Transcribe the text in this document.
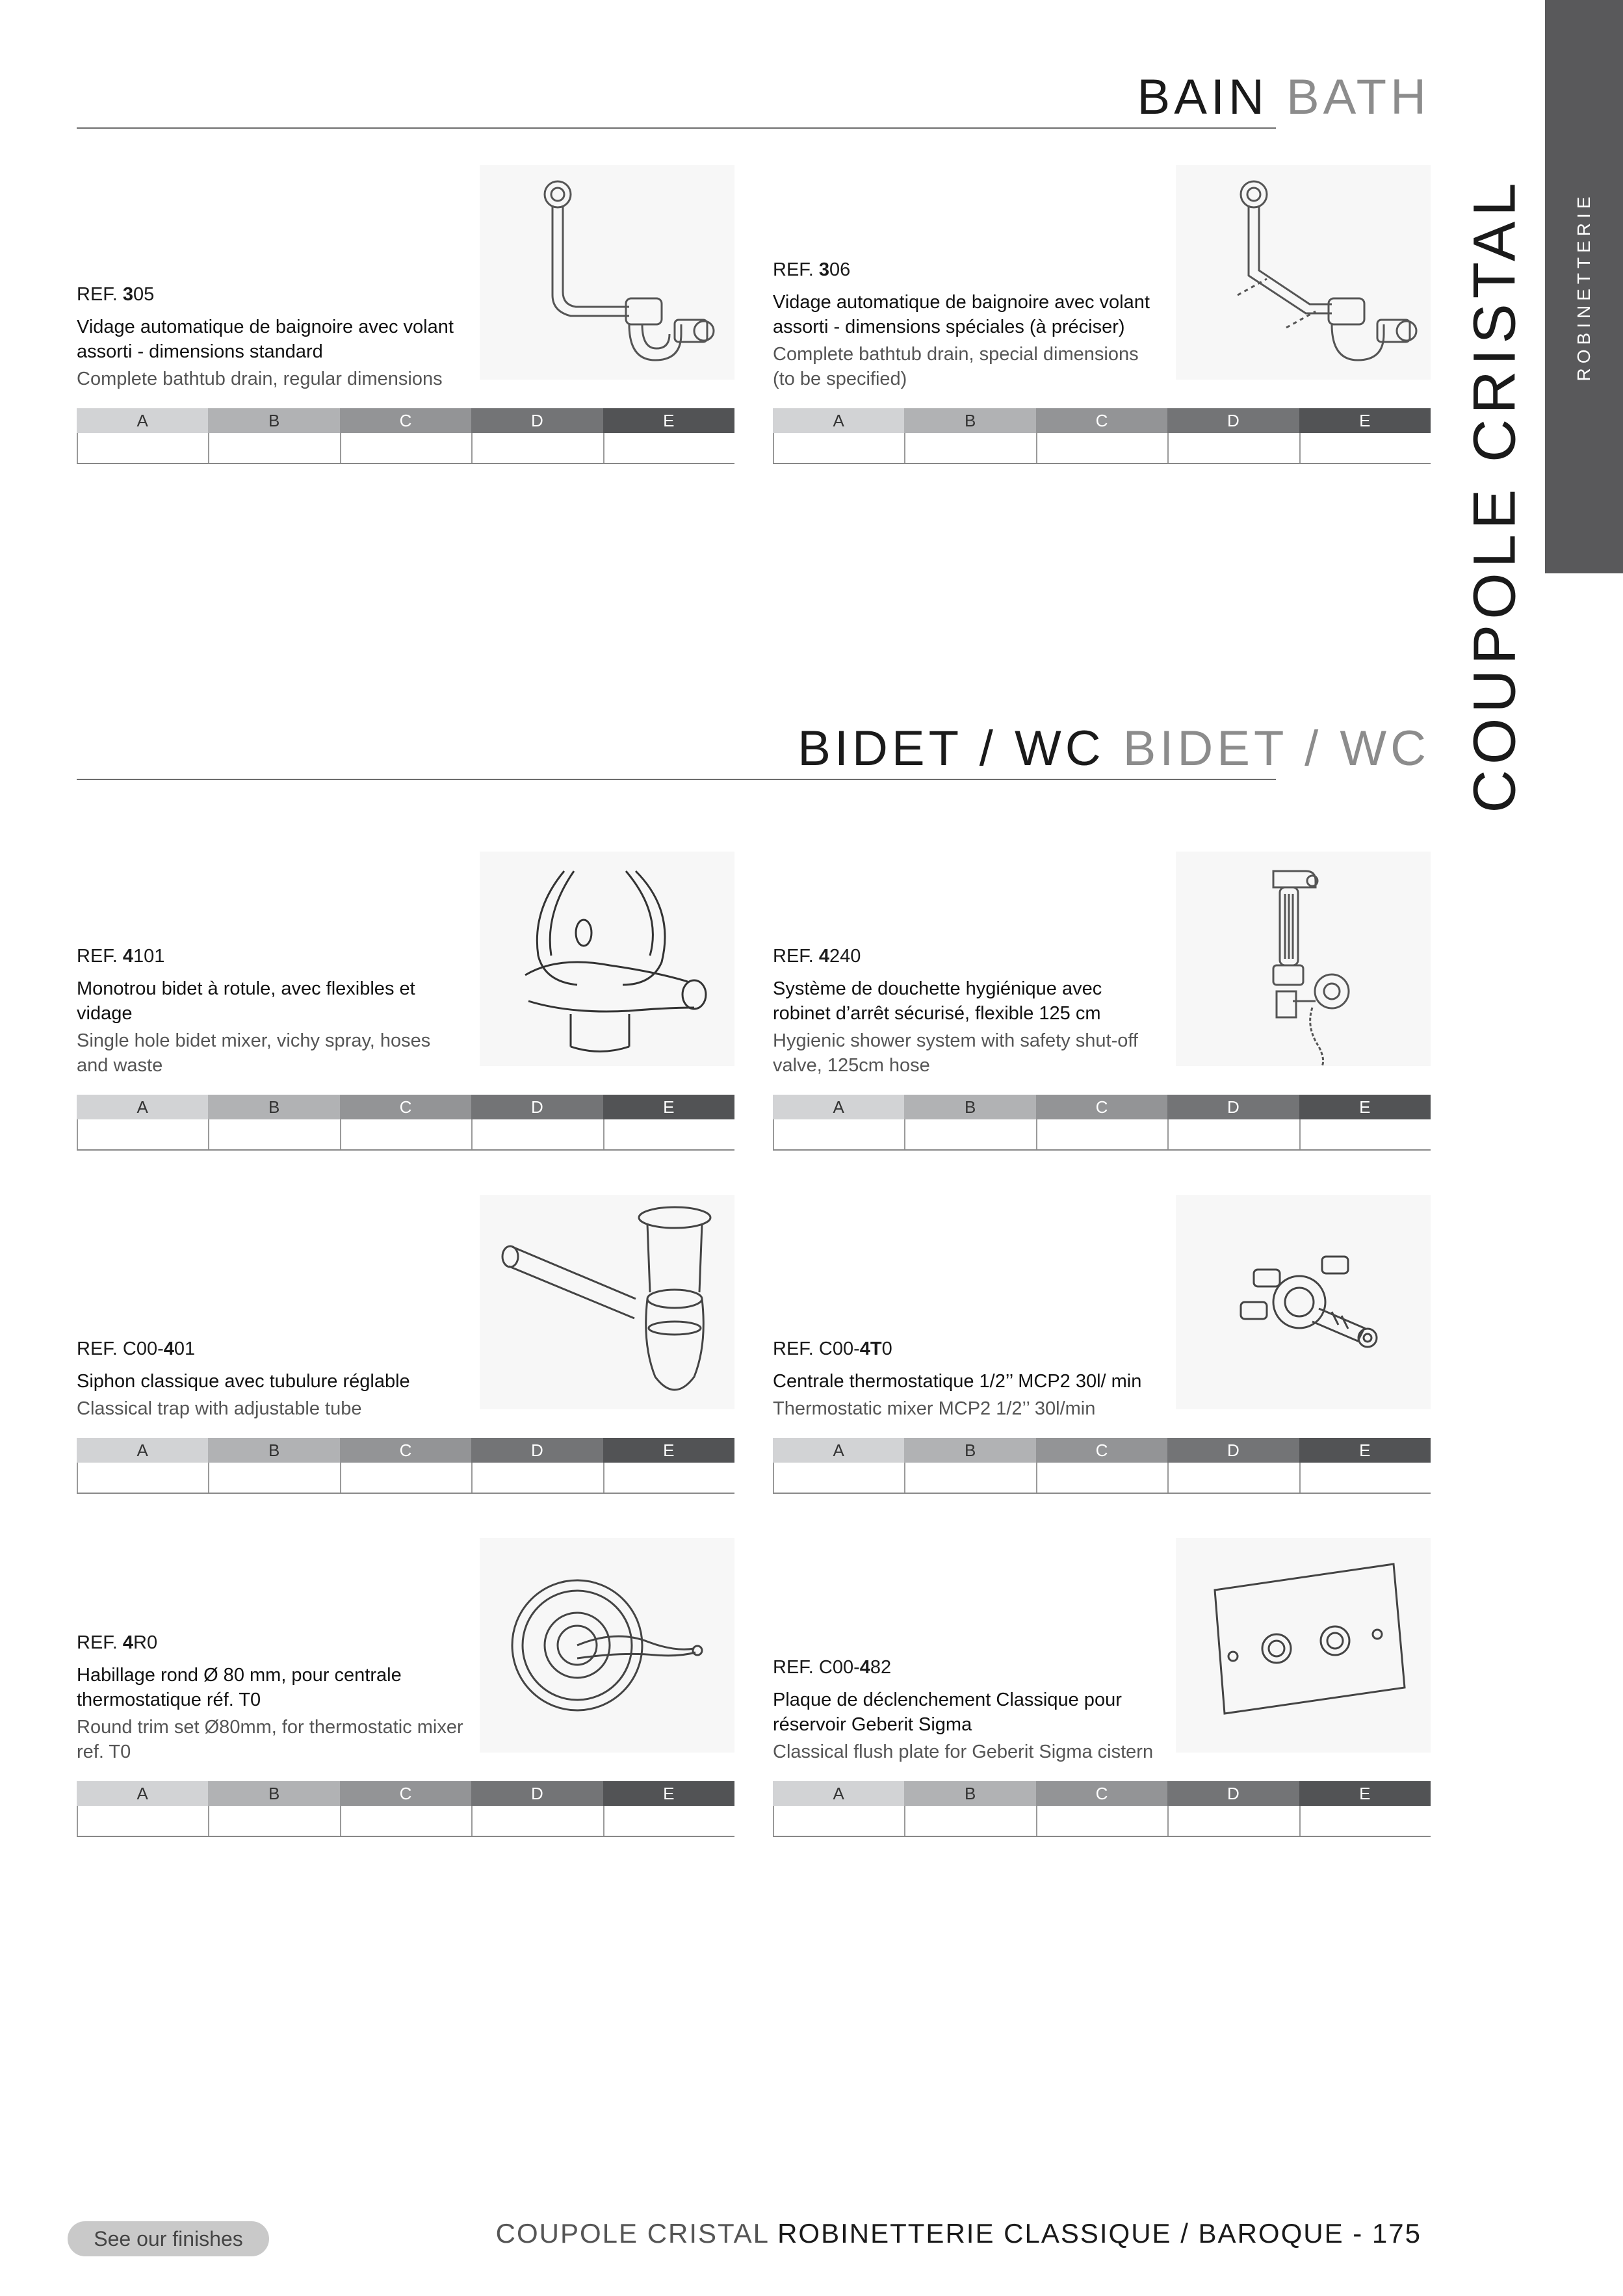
ROBINETTERIE
COUPOLE CRISTAL
BAIN BATH
BIDET / WC BIDET / WC
REF. 305
Vidage automatique de baignoire avec volant assorti - dimensions standard
Complete bathtub drain, regular dimensions
A	B	C	D	E
REF. 306
Vidage automatique de baignoire avec volant assorti - dimensions spéciales (à préciser)
Complete bathtub drain, special dimensions (to be specified)
A	B	C	D	E
REF. 4101
Monotrou bidet à rotule, avec flexibles et vidage
Single hole bidet mixer, vichy spray, hoses and waste
A	B	C	D	E
REF. 4240
Système de douchette hygiénique avec robinet d’arrêt sécurisé, flexible 125 cm
Hygienic shower system with safety shut-off valve, 125cm hose
A	B	C	D	E
REF. C00-401
Siphon classique avec tubulure réglable
Classical trap with adjustable tube
A	B	C	D	E
REF. C00-4T0
Centrale thermostatique 1/2’’ MCP2 30l/ min
Thermostatic mixer MCP2 1/2’’ 30l/min
A	B	C	D	E
REF. 4R0
Habillage rond Ø 80 mm, pour centrale thermostatique réf. T0
Round trim set Ø80mm, for thermostatic mixer ref. T0
A	B	C	D	E
REF. C00-482
Plaque de déclenchement Classique pour réservoir Geberit Sigma
Classical flush plate for Geberit Sigma cistern
A	B	C	D	E
See our finishes	COUPOLE CRISTAL ROBINETTERIE CLASSIQUE / BAROQUE - 175
